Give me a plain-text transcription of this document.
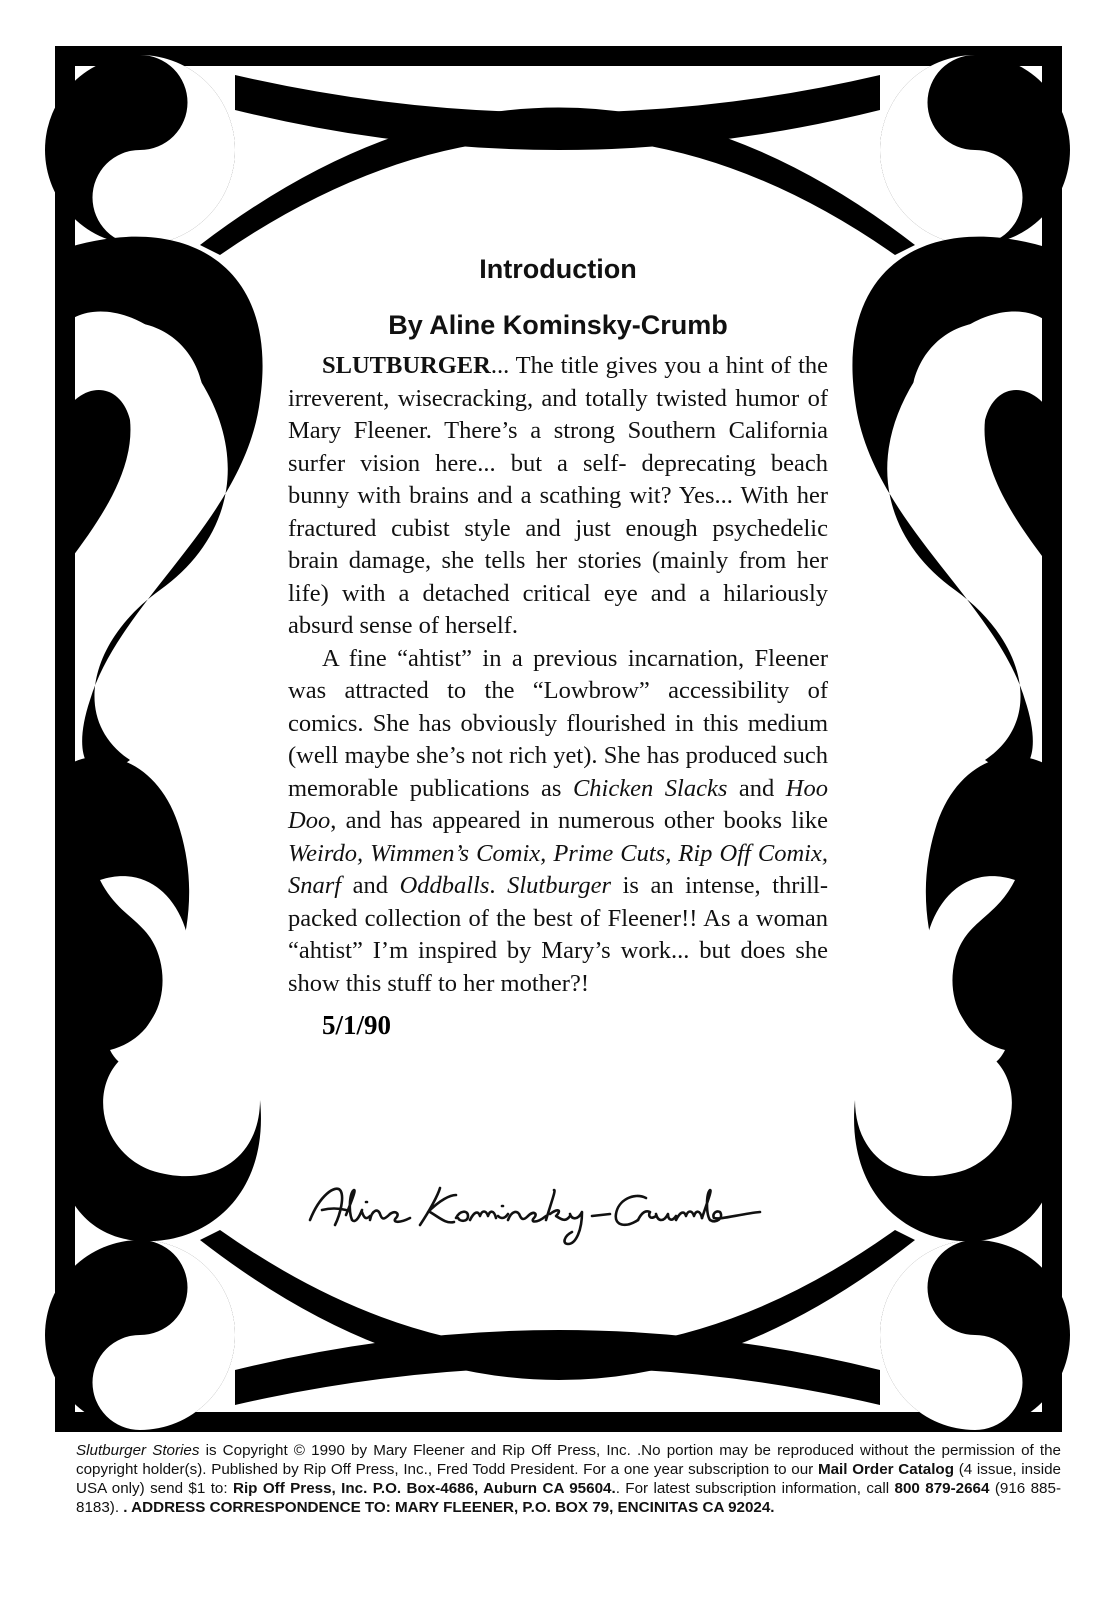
Introduction
By Aline Kominsky-Crumb

SLUTBURGER... The title gives you a hint of the irreverent, wisecracking, and totally twisted humor of Mary Fleener. There’s a strong Southern California surfer vision here... but a self- deprecating beach bunny with brains and a scathing wit? Yes... With her fractured cubist style and just enough psychedelic brain damage, she tells her stories (mainly from her life) with a detached critical eye and a hilariously absurd sense of herself.

A fine “ahtist” in a previous incarnation, Fleener was attracted to the “Lowbrow” accessibility of comics. She has obviously flourished in this medium (well maybe she’s not rich yet). She has produced such memorable publications as Chicken Slacks and Hoo Doo, and has appeared in numerous other books like Weirdo, Wimmen’s Comix, Prime Cuts, Rip Off Comix, Snarf and Oddballs. Slutburger is an intense, thrill-packed collection of the best of Fleener!! As a woman “ahtist” I’m inspired by Mary’s work... but does she show this stuff to her mother?!

5/1/90
Slutburger Stories is Copyright © 1990 by Mary Fleener and Rip Off Press, Inc. .No portion may be reproduced without the permission of the copyright holder(s). Published by Rip Off Press, Inc., Fred Todd President. For a one year subscription to our Mail Order Catalog (4 issue, inside USA only) send $1 to: Rip Off Press, Inc. P.O. Box-4686, Auburn CA 95604.. For latest subscription information, call 800 879-2664 (916 885-8183). . ADDRESS CORRESPONDENCE TO: MARY FLEENER, P.O. BOX 79, ENCINITAS CA 92024.
